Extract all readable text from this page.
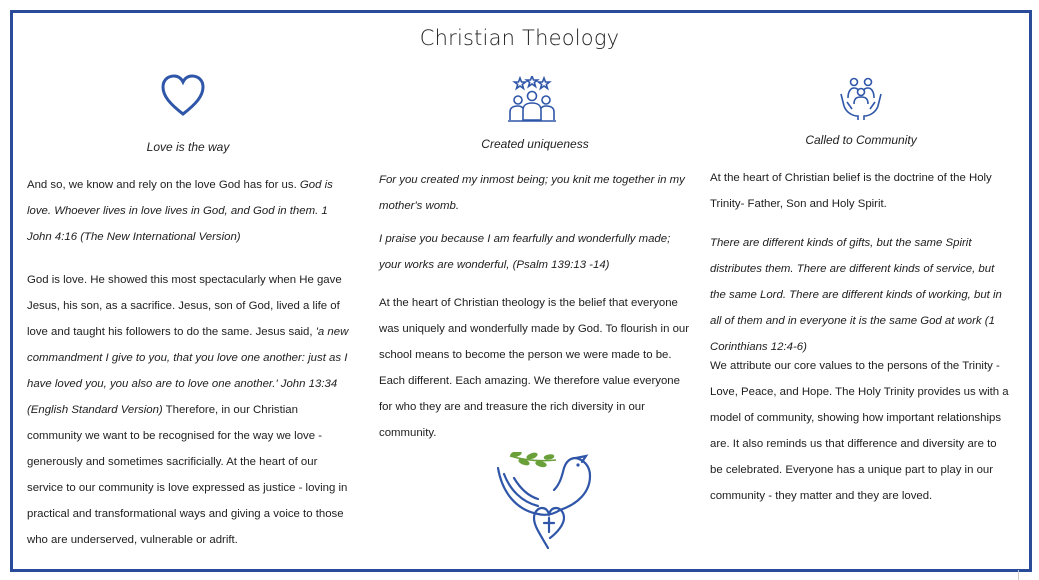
Christian Theology
Love is the way
And so, we know and rely on the love God has for us. God is love. Whoever lives in love lives in God, and God in them. 1 John 4:16 (The New International Version)
God is love. He showed this most spectacularly when He gave Jesus, his son, as a sacrifice. Jesus, son of God, lived a life of love and taught his followers to do the same. Jesus said, 'a new commandment I give to you, that you love one another: just as I have loved you, you also are to love one another.' John 13:34 (English Standard Version) Therefore, in our Christian community we want to be recognised for the way we love - generously and sometimes sacrificially. At the heart of our service to our community is love expressed as justice - loving in practical and transformational ways and giving a voice to those who are underserved, vulnerable or adrift.
Created uniqueness
For you created my inmost being; you knit me together in my mother's womb.
I praise you because I am fearfully and wonderfully made; your works are wonderful, (Psalm 139:13 -14)
At the heart of Christian theology is the belief that everyone was uniquely and wonderfully made by God. To flourish in our school means to become the person we were made to be. Each different. Each amazing. We therefore value everyone for who they are and treasure the rich diversity in our community.
Called to Community
At the heart of Christian belief is the doctrine of the Holy Trinity- Father, Son and Holy Spirit.
There are different kinds of gifts, but the same Spirit distributes them. There are different kinds of service, but the same Lord. There are different kinds of working, but in all of them and in everyone it is the same God at work (1 Corinthians 12:4-6)
We attribute our core values to the persons of the Trinity - Love, Peace, and Hope. The Holy Trinity provides us with a model of community, showing how important relationships are. It also reminds us that difference and diversity are to be celebrated. Everyone has a unique part to play in our community - they matter and they are loved.
